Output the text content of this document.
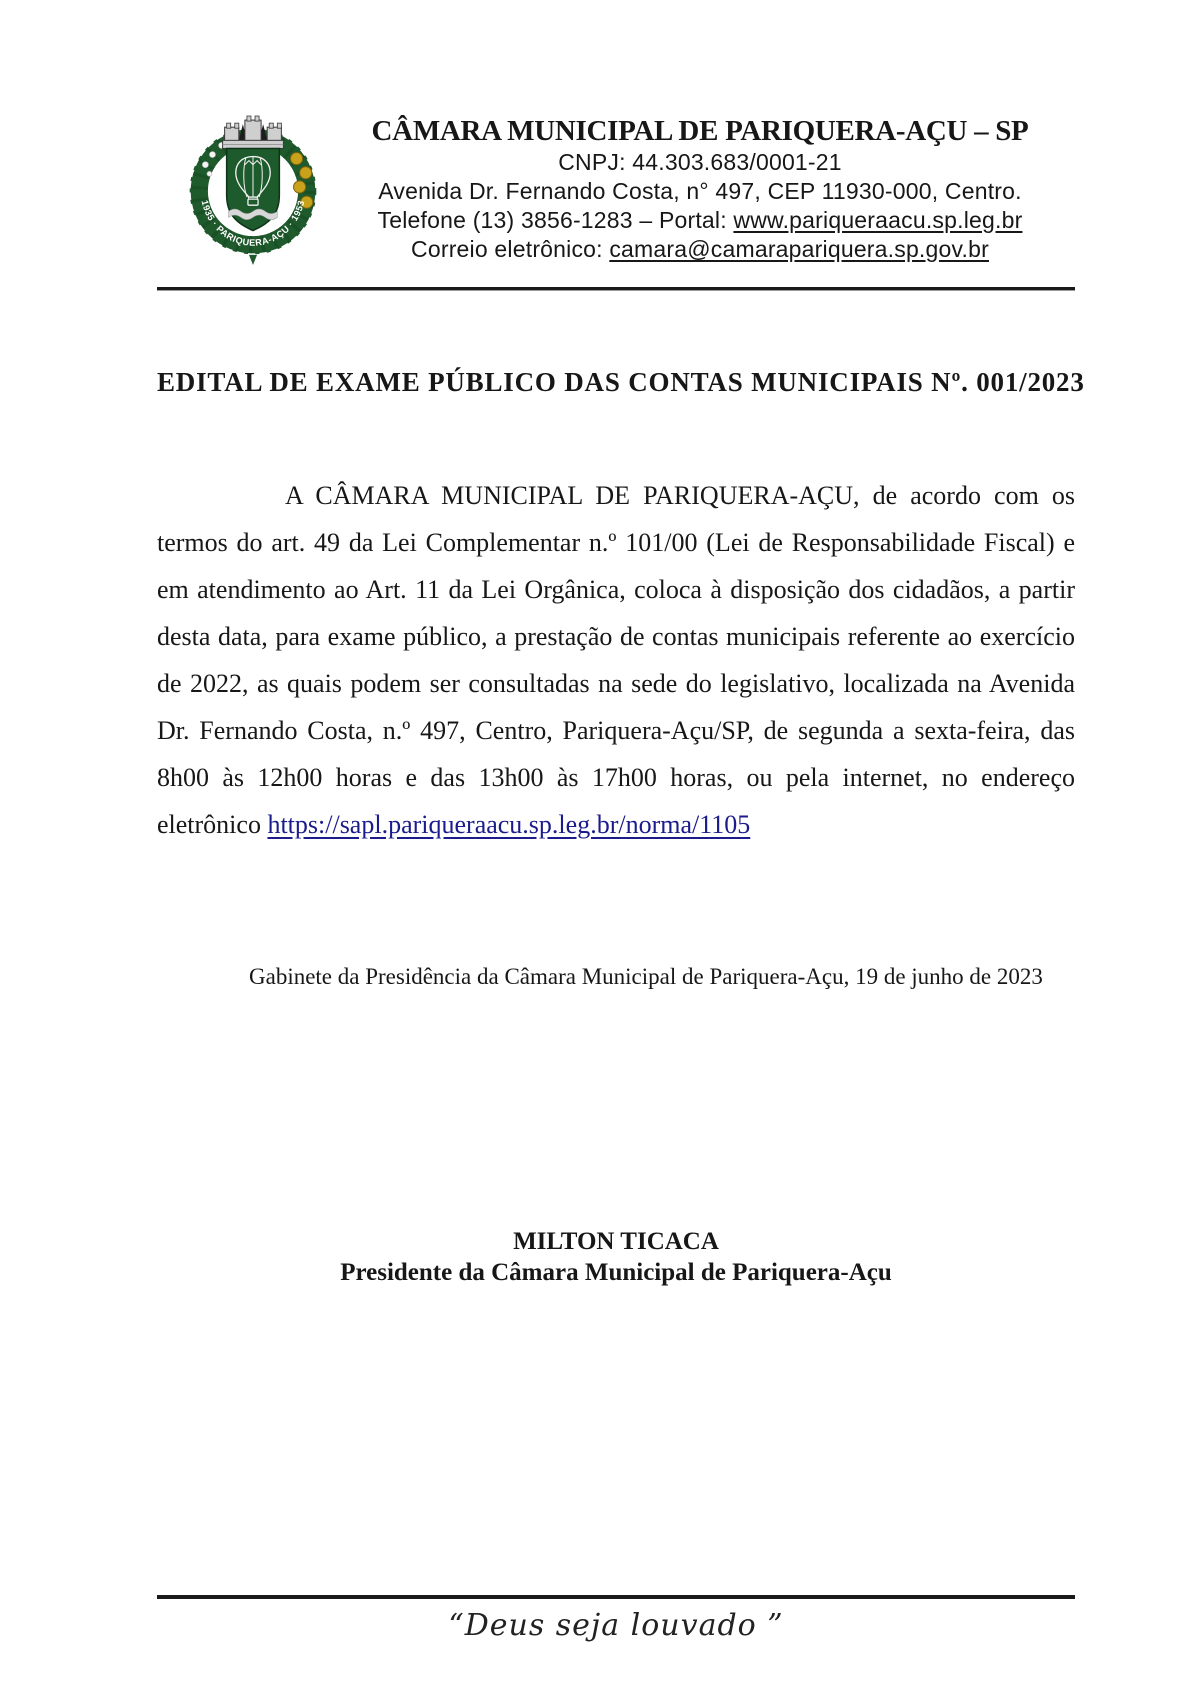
1935 · PARIQUERA-AÇU · 1953
CÂMARA MUNICIPAL DE PARIQUERA-AÇU – SP
CNPJ: 44.303.683/0001-21
Avenida Dr. Fernando Costa, n° 497, CEP 11930-000, Centro.
Telefone (13) 3856-1283 – Portal: www.pariqueraacu.sp.leg.br
Correio eletrônico: camara@camarapariquera.sp.gov.br
EDITAL DE EXAME PÚBLICO DAS CONTAS MUNICIPAIS Nº. 001/2023

A CÂMARA MUNICIPAL DE PARIQUERA-AÇU, de acordo com os termos do art. 49 da Lei Complementar n.º 101/00 (Lei de Responsabilidade Fiscal) e em atendimento ao Art. 11 da Lei Orgânica, coloca à disposição dos cidadãos, a partir desta data, para exame público, a prestação de contas municipais referente ao exercício de 2022, as quais podem ser consultadas na sede do legislativo, localizada na Avenida Dr. Fernando Costa, n.º 497, Centro, Pariquera-Açu/SP, de segunda a sexta-feira, das 8h00 às 12h00 horas e das 13h00 às 17h00 horas, ou pela internet, no endereço eletrônico https://sapl.pariqueraacu.sp.leg.br/norma/1105

Gabinete da Presidência da Câmara Municipal de Pariquera-Açu, 19 de junho de 2023

MILTON TICACA
Presidente da Câmara Municipal de Pariquera-Açu
“Deus seja louvado ”
